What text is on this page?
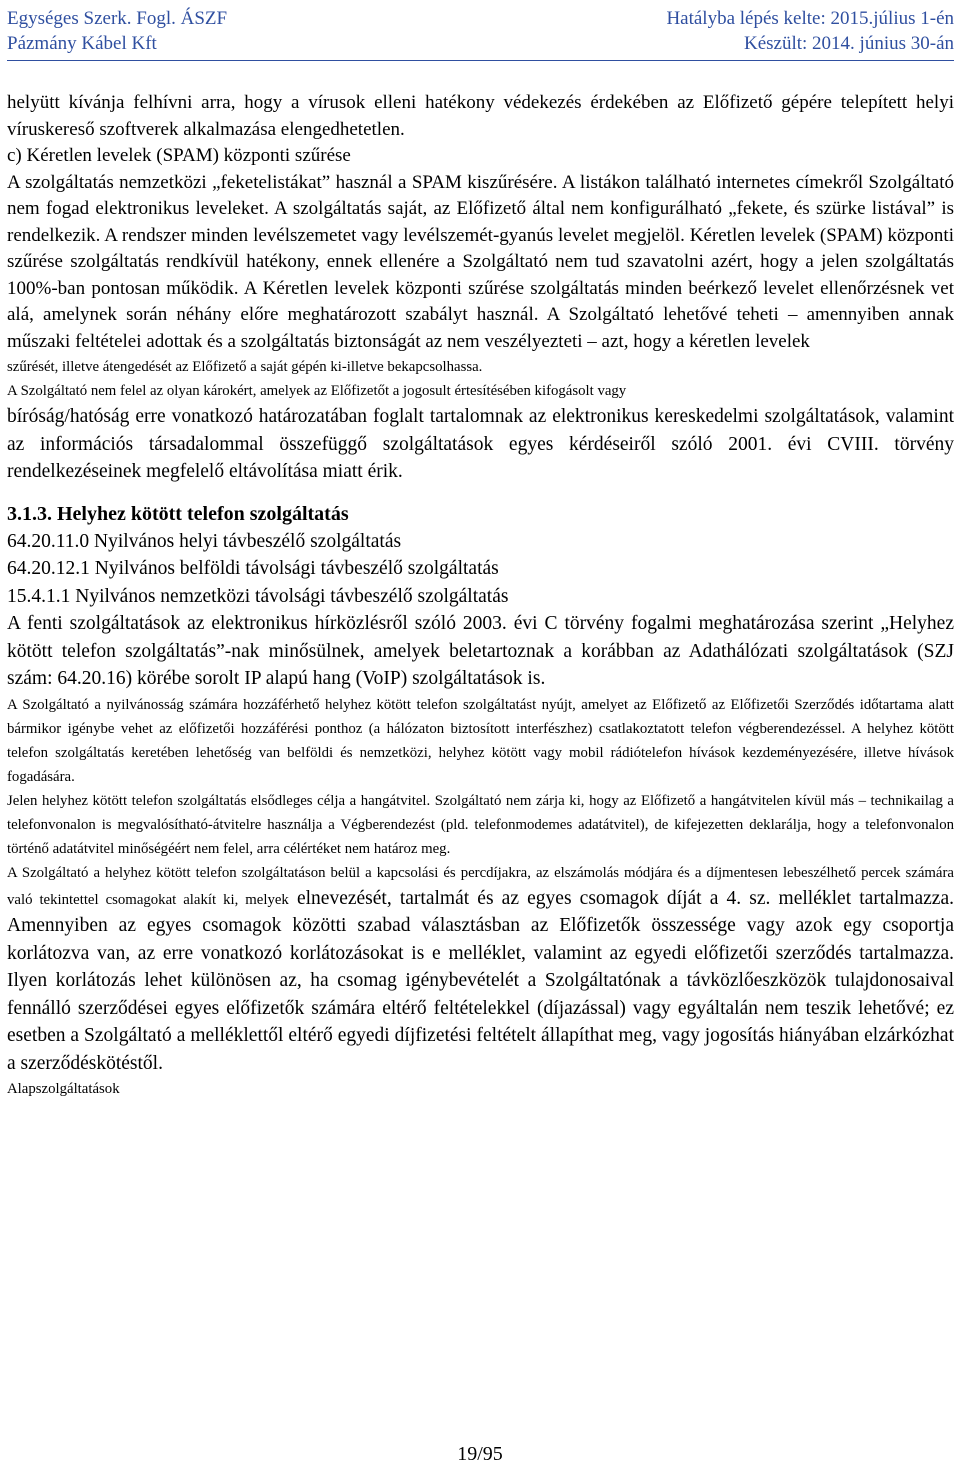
Egységes Szerk. Fogl. ÁSZF	Hatályba lépés kelte: 2015.július 1-én
Pázmány Kábel Kft	Készült: 2014. június 30-án

helyütt kívánja felhívni arra, hogy a vírusok elleni hatékony védekezés érdekében az Előfizető gépére telepített helyi víruskereső szoftverek alkalmazása elengedhetetlen.

c) Kéretlen levelek (SPAM) központi szűrése

A szolgáltatás nemzetközi „feketelistákat” használ a SPAM kiszűrésére. A listákon található internetes címekről Szolgáltató nem fogad elektronikus leveleket. A szolgáltatás saját, az Előfizető által nem konfigurálható „fekete, és szürke listával” is rendelkezik. A rendszer minden levélszemetet vagy levélszemét-gyanús levelet megjelöl. Kéretlen levelek (SPAM) központi szűrése szolgáltatás rendkívül hatékony, ennek ellenére a Szolgáltató nem tud szavatolni azért, hogy a jelen szolgáltatás 100%-ban pontosan működik. A Kéretlen levelek központi szűrése szolgáltatás minden beérkező levelet ellenőrzésnek vet alá, amelynek során néhány előre meghatározott szabályt használ. A Szolgáltató lehetővé teheti – amennyiben annak műszaki feltételei adottak és a szolgáltatás biztonságát az nem veszélyezteti – azt, hogy a kéretlen levelek

szűrését, illetve átengedését az Előfizető a saját gépén ki-illetve bekapcsolhassa.

A Szolgáltató nem felel az olyan károkért, amelyek az Előfizetőt a jogosult értesítésében kifogásolt vagy

bíróság/hatóság erre vonatkozó határozatában foglalt tartalomnak az elektronikus kereskedelmi szolgáltatások, valamint az információs társadalommal összefüggő szolgáltatások egyes kérdéseiről szóló 2001. évi CVIII. törvény rendelkezéseinek megfelelő eltávolítása miatt érik.

3.1.3. Helyhez kötött telefon szolgáltatás

64.20.11.0 Nyilvános helyi távbeszélő szolgáltatás

64.20.12.1 Nyilvános belföldi távolsági távbeszélő szolgáltatás

15.4.1.1 Nyilvános nemzetközi távolsági távbeszélő szolgáltatás

A fenti szolgáltatások az elektronikus hírközlésről szóló 2003. évi C törvény fogalmi meghatározása szerint „Helyhez kötött telefon szolgáltatás”-nak minősülnek, amelyek beletartoznak a korábban az Adathálózati szolgáltatások (SZJ szám: 64.20.16) körébe sorolt IP alapú hang (VoIP) szolgáltatások is.

A Szolgáltató a nyilvánosság számára hozzáférhető helyhez kötött telefon szolgáltatást nyújt, amelyet az Előfizető az Előfizetői Szerződés időtartama alatt bármikor igénybe vehet az előfizetői hozzáférési ponthoz (a hálózaton biztosított interfészhez) csatlakoztatott telefon végberendezéssel. A helyhez kötött telefon szolgáltatás keretében lehetőség van belföldi és nemzetközi, helyhez kötött vagy mobil rádiótelefon hívások kezdeményezésére, illetve hívások fogadására.

Jelen helyhez kötött telefon szolgáltatás elsődleges célja a hangátvitel. Szolgáltató nem zárja ki, hogy az Előfizető a hangátvitelen kívül más – technikailag a telefonvonalon is megvalósítható-átvitelre használja a Végberendezést (pld. telefonmodemes adatátvitel), de kifejezetten deklarálja, hogy a telefonvonalon történő adatátvitel minőségéért nem felel, arra célértéket nem határoz meg.

A Szolgáltató a helyhez kötött telefon szolgáltatáson belül a kapcsolási és percdíjakra, az elszámolás módjára és a díjmentesen lebeszélhető percek számára való tekintettel csomagokat alakít ki, melyek elnevezését, tartalmát és az egyes csomagok díját a 4. sz. melléklet tartalmazza. Amennyiben az egyes csomagok közötti szabad választásban az Előfizetők összessége vagy azok egy csoportja korlátozva van, az erre vonatkozó korlátozásokat is e melléklet, valamint az egyedi előfizetői szerződés tartalmazza. Ilyen korlátozás lehet különösen az, ha csomag igénybevételét a Szolgáltatónak a távközlőeszközök tulajdonosaival fennálló szerződései egyes előfizetők számára eltérő feltételekkel (díjazással) vagy egyáltalán nem teszik lehetővé; ez esetben a Szolgáltató a melléklettől eltérő egyedi díjfizetési feltételt állapíthat meg, vagy jogosítás hiányában elzárkózhat a szerződéskötéstől.

Alapszolgáltatások

19/95
